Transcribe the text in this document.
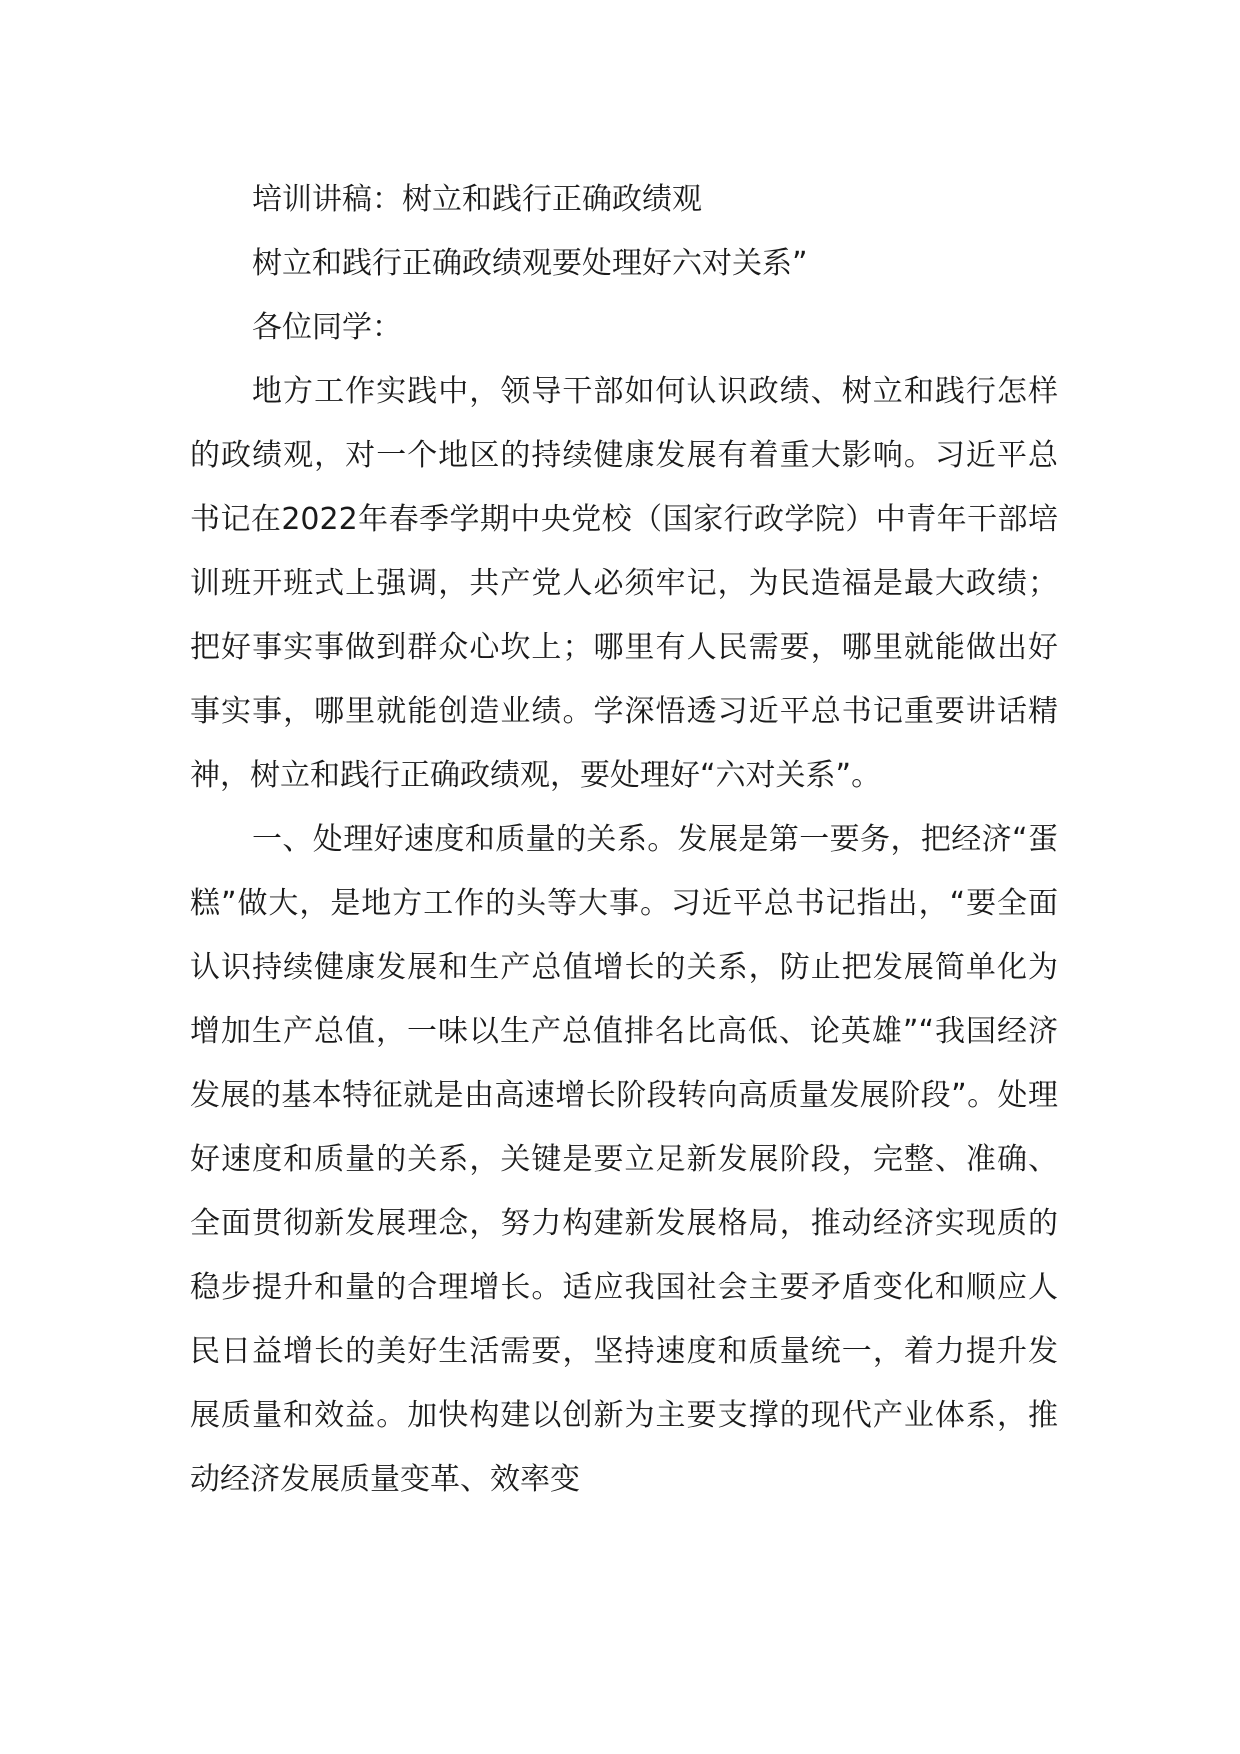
培训讲稿：树立和践行正确政绩观

树立和践行正确政绩观要处理好六对关系”

各位同学：

地方工作实践中，领导干部如何认识政绩、树立和践行怎样的政绩观，对一个地区的持续健康发展有着重大影响。习近平总书记在2022年春季学期中央党校（国家行政学院）中青年干部培训班开班式上强调，共产党人必须牢记，为民造福是最大政绩；把好事实事做到群众心坎上；哪里有人民需要，哪里就能做出好事实事，哪里就能创造业绩。学深悟透习近平总书记重要讲话精神，树立和践行正确政绩观，要处理好“六对关系”。

一、处理好速度和质量的关系。发展是第一要务，把经济“蛋糕”做大，是地方工作的头等大事。习近平总书记指出，“要全面认识持续健康发展和生产总值增长的关系，防止把发展简单化为增加生产总值，一味以生产总值排名比高低、论英雄”“我国经济发展的基本特征就是由高速增长阶段转向高质量发展阶段”。处理好速度和质量的关系，关键是要立足新发展阶段，完整、准确、全面贯彻新发展理念，努力构建新发展格局，推动经济实现质的稳步提升和量的合理增长。适应我国社会主要矛盾变化和顺应人民日益增长的美好生活需要，坚持速度和质量统一，着力提升发展质量和效益。加快构建以创新为主要支撑的现代产业体系，推动经济发展质量变革、效率变
